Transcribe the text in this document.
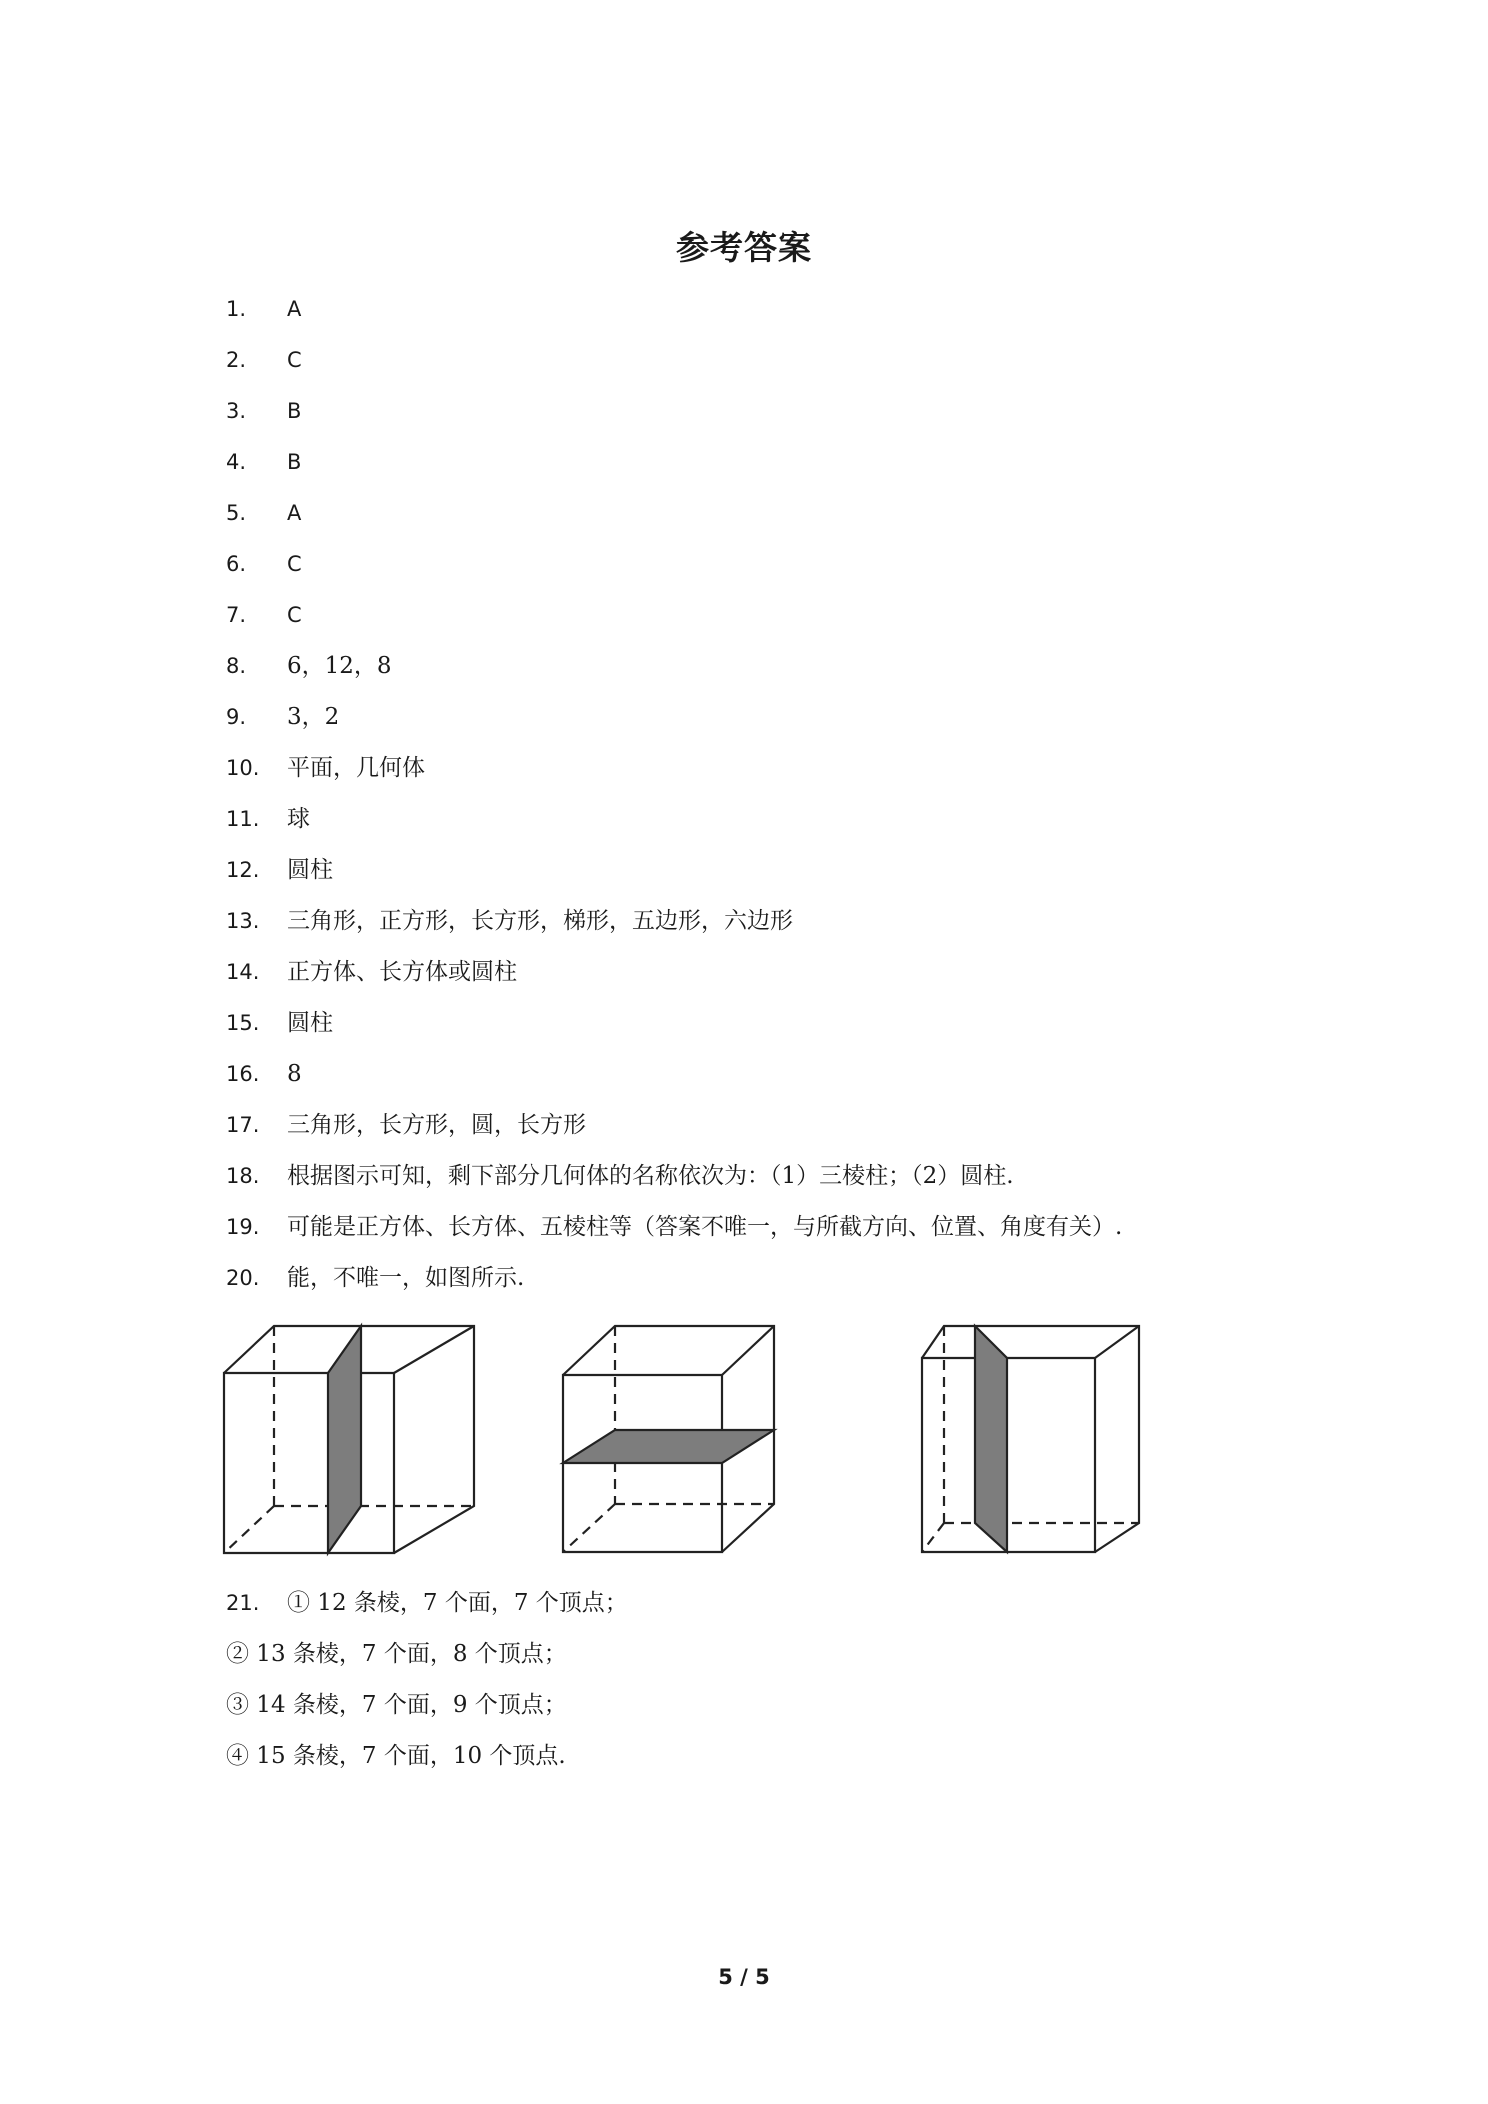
参考答案
1. A
2. C
3. B
4. B
5. A
6. C
7. C
8. 6，12，8
9. 3，2
10. 平面，几何体
11. 球
12. 圆柱
13. 三角形，正方形，长方形，梯形，五边形，六边形
14. 正方体、长方体或圆柱
15. 圆柱
16. 8
17. 三角形，长方形，圆，长方形
18. 根据图示可知，剩下部分几何体的名称依次为：（1）三棱柱；（2）圆柱.
19. 可能是正方体、长方体、五棱柱等（答案不唯一，与所截方向、位置、角度有关）.
20. 能，不唯一，如图所示.
21. ① 12 条棱，7 个面，7 个顶点；
② 13 条棱，7 个面，8 个顶点；
③ 14 条棱，7 个面，9 个顶点；
④ 15 条棱，7 个面，10 个顶点.
5 / 5
